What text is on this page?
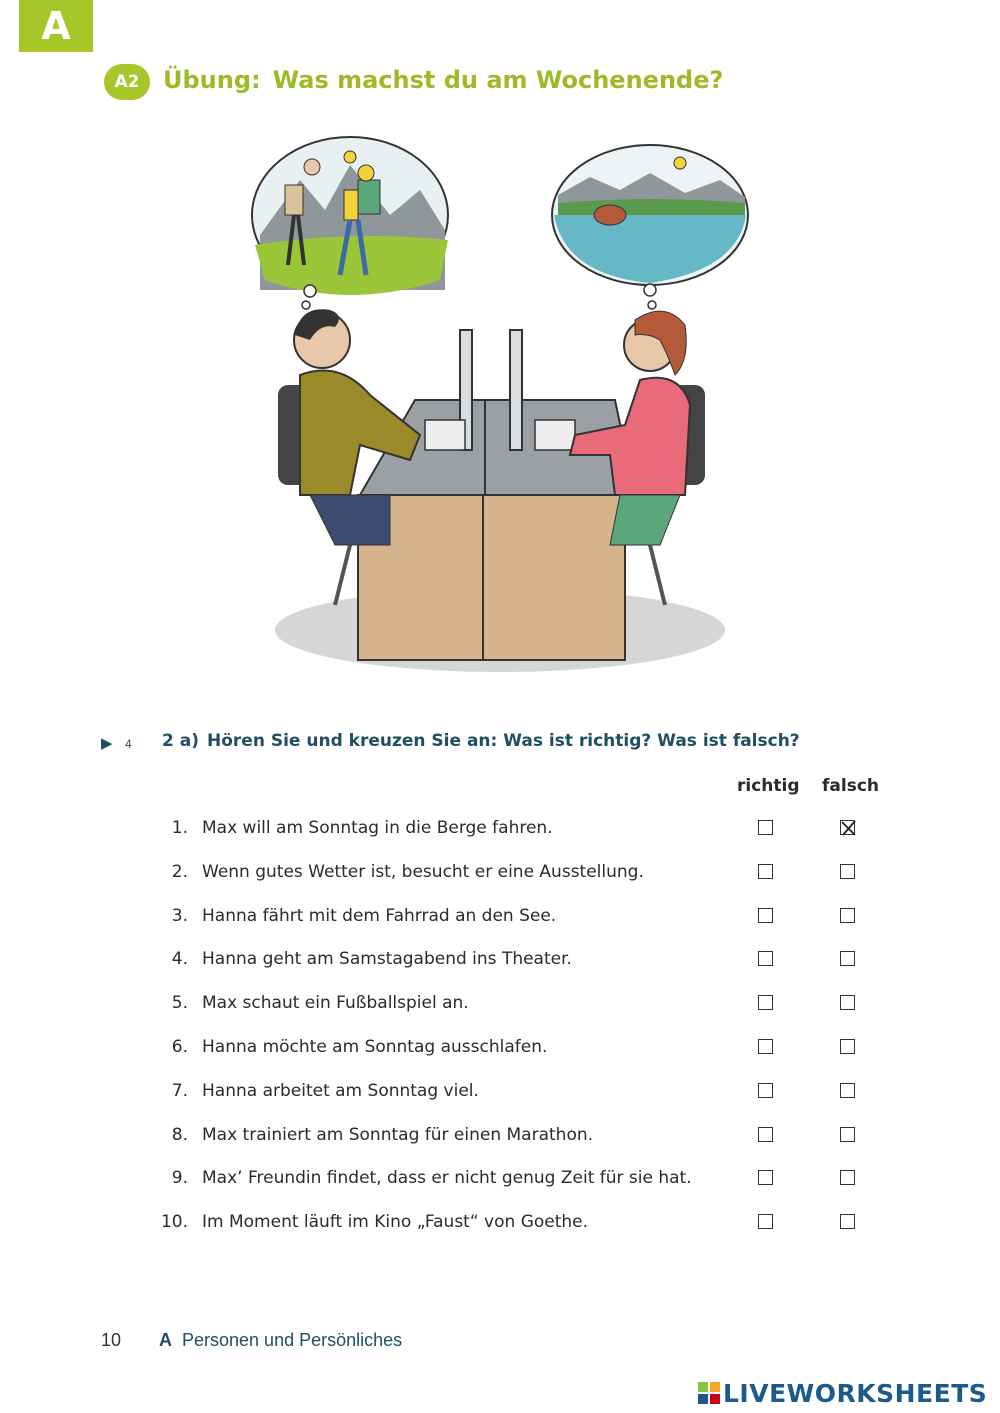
A
A2 Übung: Was machst du am Wochenende?
▶ 4 2 a) Hören Sie und kreuzen Sie an: Was ist richtig? Was ist falsch?
richtig falsch
1. Max will am Sonntag in die Berge fahren.
2. Wenn gutes Wetter ist, besucht er eine Ausstellung.
3. Hanna fährt mit dem Fahrrad an den See.
4. Hanna geht am Samstagabend ins Theater.
5. Max schaut ein Fußballspiel an.
6. Hanna möchte am Sonntag ausschlafen.
7. Hanna arbeitet am Sonntag viel.
8. Max trainiert am Sonntag für einen Marathon.
9. Max’ Freundin findet, dass er nicht genug Zeit für sie hat.
10. Im Moment läuft im Kino „Faust“ von Goethe.
10 A Personen und Persönliches
LIVEWORKSHEETS
